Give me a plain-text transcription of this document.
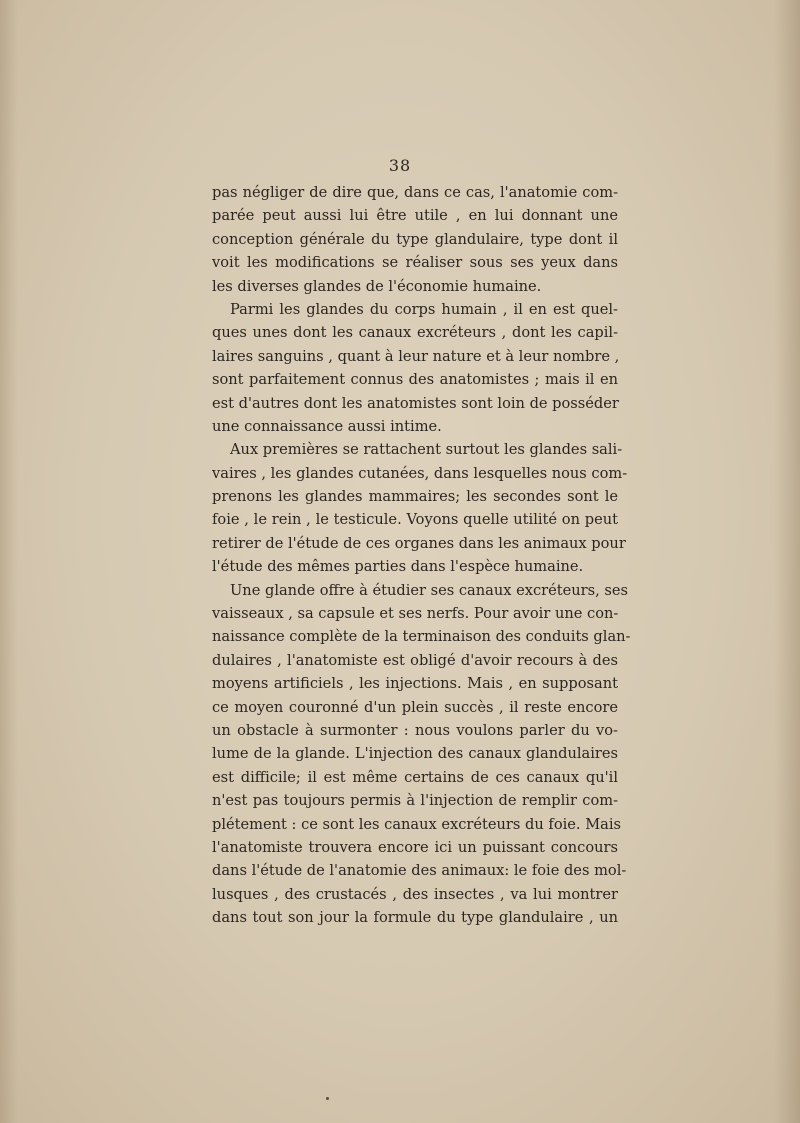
38
pas négliger de dire que, dans ce cas, l'anatomie com-
parée peut aussi lui être utile , en lui donnant une
conception générale du type glandulaire, type dont il
voit les modifications se réaliser sous ses yeux dans
les diverses glandes de l'économie humaine.
Parmi les glandes du corps humain , il en est quel-
ques unes dont les canaux excréteurs , dont les capil-
laires sanguins , quant à leur nature et à leur nombre ,
sont parfaitement connus des anatomistes ; mais il en
est d'autres dont les anatomistes sont loin de posséder
une connaissance aussi intime.
Aux premières se rattachent surtout les glandes sali-
vaires , les glandes cutanées, dans lesquelles nous com-
prenons les glandes mammaires; les secondes sont le
foie , le rein , le testicule. Voyons quelle utilité on peut
retirer de l'étude de ces organes dans les animaux pour
l'étude des mêmes parties dans l'espèce humaine.
Une glande offre à étudier ses canaux excréteurs, ses
vaisseaux , sa capsule et ses nerfs. Pour avoir une con-
naissance complète de la terminaison des conduits glan-
dulaires , l'anatomiste est obligé d'avoir recours à des
moyens artificiels , les injections. Mais , en supposant
ce moyen couronné d'un plein succès , il reste encore
un obstacle à surmonter : nous voulons parler du vo-
lume de la glande. L'injection des canaux glandulaires
est difficile; il est même certains de ces canaux qu'il
n'est pas toujours permis à l'injection de remplir com-
plétement : ce sont les canaux excréteurs du foie. Mais
l'anatomiste trouvera encore ici un puissant concours
dans l'étude de l'anatomie des animaux: le foie des mol-
lusques , des crustacés , des insectes , va lui montrer
dans tout son jour la formule du type glandulaire , un
